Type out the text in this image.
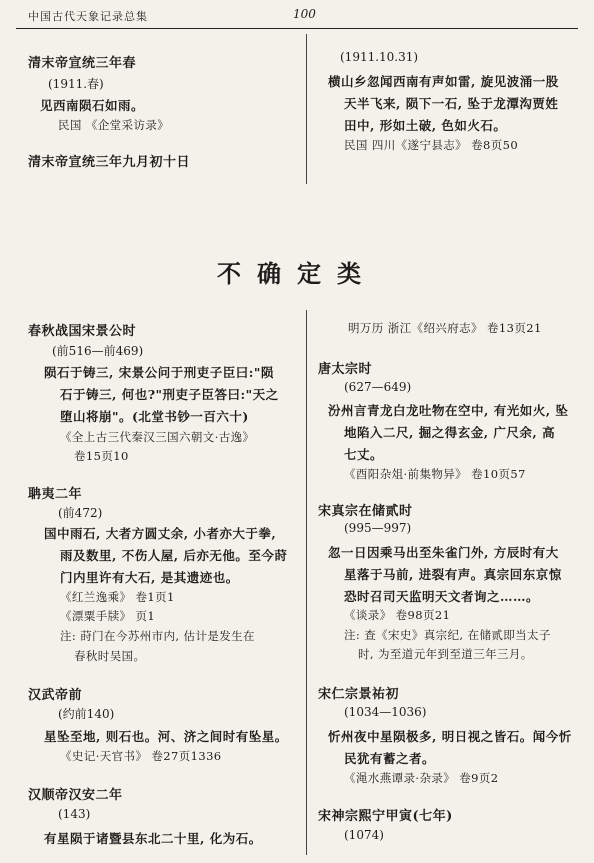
中国古代天象记录总集	100
清末帝宣统三年春
(1911.春)
见西南陨石如雨。
民国 《企堂采访录》
清末帝宣统三年九月初十日
(1911.10.31)
横山乡忽闻西南有声如雷, 旋见波涌一股
天半飞来, 陨下一石, 坠于龙潭沟贾姓
田中, 形如土破, 色如火石。
民国 四川《遂宁县志》 卷8页50
不确定类
春秋战国宋景公时
(前516—前469)
陨石于铸三, 宋景公问于刑吏子臣曰:"陨
石于铸三, 何也?"刑吏子臣答曰:"天之
堕山将崩"。(北堂书钞一百六十)
《全上古三代秦汉三国六朝文·古逸》
卷15页10
聃夷二年
(前472)
国中雨石, 大者方圆丈余, 小者亦大于拳,
雨及数里, 不伤人屋, 后亦无他。至今莳
门内里许有大石, 是其遗迹也。
《红兰逸乘》 卷1页1
《漂粟手牍》 页1
注: 莳门在今苏州市内, 估计是发生在
春秋时吴国。
汉武帝前
(约前140)
星坠至地, 则石也。河、济之间时有坠星。
《史记·天官书》 卷27页1336
汉顺帝汉安二年
(143)
有星陨于诸暨县东北二十里, 化为石。
明万历 浙江《绍兴府志》 卷13页21
唐太宗时
(627—649)
汾州言青龙白龙吐物在空中, 有光如火, 坠
地陷入二尺, 掘之得玄金, 广尺余, 高
七丈。
《酉阳杂俎·前集物异》 卷10页57
宋真宗在储贰时
(995—997)
忽一日因乘马出至朱雀门外, 方辰时有大
星落于马前, 进裂有声。真宗回东京惊
恐时召司天监明天文者询之……。
《谈录》 卷98页21
注: 查《宋史》真宗纪, 在储贰即当太子
时, 为至道元年到至道三年三月。
宋仁宗景祐初
(1034—1036)
忻州夜中星陨极多, 明日视之皆石。闻今忻
民犹有蓄之者。
《渑水燕谭录·杂录》 卷9页2
宋神宗熙宁甲寅(七年)
(1074)
